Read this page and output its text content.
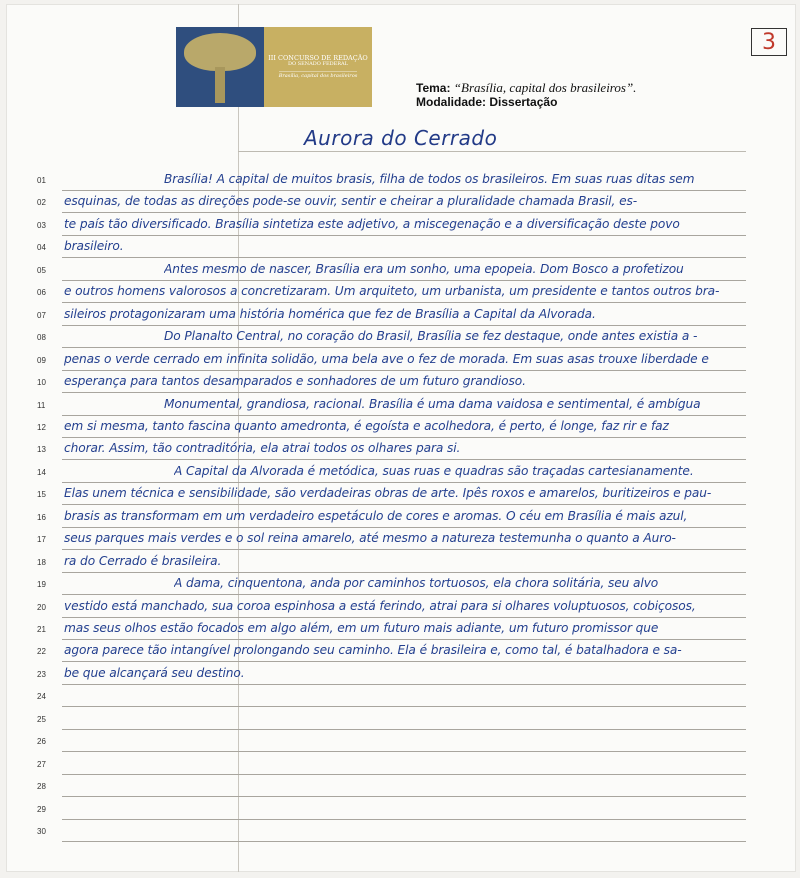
III CONCURSO DE REDAÇÃO
DO SENADO FEDERAL
Brasília, capital dos brasileiros
3
Tema: “Brasília, capital dos brasileiros”.
Modalidade: Dissertação
Aurora do Cerrado
01	Brasília! A capital de muitos brasis, filha de todos os brasileiros. Em suas ruas ditas sem
02 esquinas, de todas as direções pode-se ouvir, sentir e cheirar a pluralidade chamada Brasil, es-
03 te país tão diversificado. Brasília sintetiza este adjetivo, a miscegenação e a diversificação deste povo
04 brasileiro.
05	Antes mesmo de nascer, Brasília era um sonho, uma epopeia. Dom Bosco a profetizou
06 e outros homens valorosos a concretizaram. Um arquiteto, um urbanista, um presidente e tantos outros bra-
07 sileiros protagonizaram uma história homérica que fez de Brasília a Capital da Alvorada.
08	Do Planalto Central, no coração do Brasil, Brasília se fez destaque, onde antes existia a -
09 penas o verde cerrado em infinita solidão, uma bela ave o fez de morada. Em suas asas trouxe liberdade e
10 esperança para tantos desamparados e sonhadores de um futuro grandioso.
11	Monumental, grandiosa, racional. Brasília é uma dama vaidosa e sentimental, é ambígua
12 em si mesma, tanto fascina quanto amedronta, é egoísta e acolhedora, é perto, é longe, faz rir e faz
13 chorar. Assim, tão contraditória, ela atrai todos os olhares para si.
14	A Capital da Alvorada é metódica, suas ruas e quadras são traçadas cartesianamente.
15 Elas unem técnica e sensibilidade, são verdadeiras obras de arte. Ipês roxos e amarelos, buritizeiros e pau-
16 brasis as transformam em um verdadeiro espetáculo de cores e aromas. O céu em Brasília é mais azul,
17 seus parques mais verdes e o sol reina amarelo, até mesmo a natureza testemunha o quanto a Auro-
18 ra do Cerrado é brasileira.
19	A dama, cinquentona, anda por caminhos tortuosos, ela chora solitária, seu alvo
20 vestido está manchado, sua coroa espinhosa a está ferindo, atrai para si olhares voluptuosos, cobiçosos,
21 mas seus olhos estão focados em algo além, em um futuro mais adiante, um futuro promissor que
22 agora parece tão intangível prolongando seu caminho. Ela é brasileira e, como tal, é batalhadora e sa-
23 be que alcançará seu destino.
24
25
26
27
28
29
30
